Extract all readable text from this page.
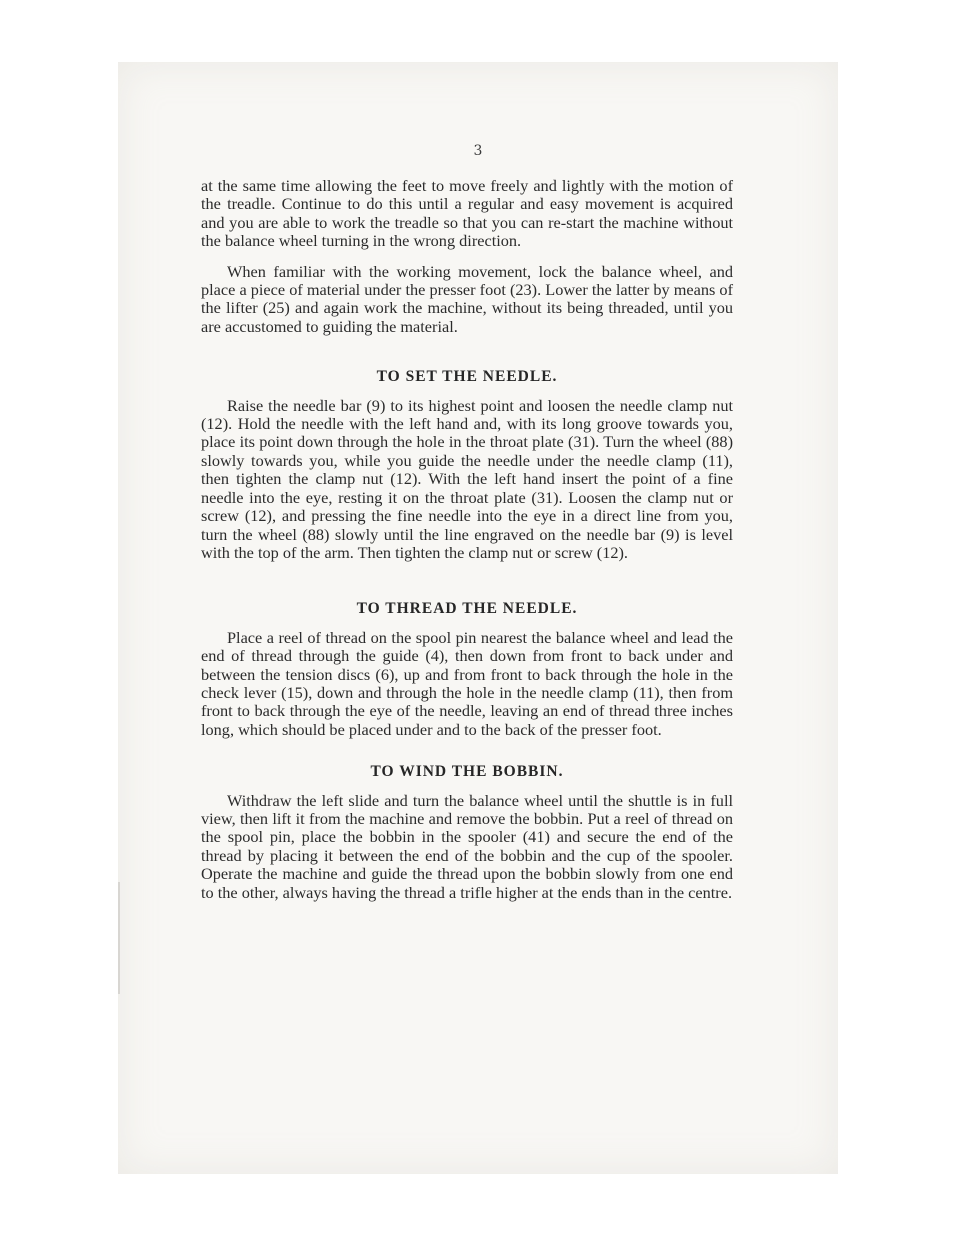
3

at the same time allowing the feet to move freely and lightly with the motion of the treadle. Continue to do this until a regular and easy movement is acquired and you are able to work the treadle so that you can re-start the machine without the balance wheel turning in the wrong direction.

When familiar with the working movement, lock the balance wheel, and place a piece of material under the presser foot (23). Lower the latter by means of the lifter (25) and again work the machine, without its being threaded, until you are accustomed to guiding the material.

TO SET THE NEEDLE.

Raise the needle bar (9) to its highest point and loosen the needle clamp nut (12). Hold the needle with the left hand and, with its long groove towards you, place its point down through the hole in the throat plate (31). Turn the wheel (88) slowly towards you, while you guide the needle under the needle clamp (11), then tighten the clamp nut (12). With the left hand insert the point of a fine needle into the eye, resting it on the throat plate (31). Loosen the clamp nut or screw (12), and pressing the fine needle into the eye in a direct line from you, turn the wheel (88) slowly until the line engraved on the needle bar (9) is level with the top of the arm. Then tighten the clamp nut or screw (12).

TO THREAD THE NEEDLE.

Place a reel of thread on the spool pin nearest the balance wheel and lead the end of thread through the guide (4), then down from front to back under and between the tension discs (6), up and from front to back through the hole in the check lever (15), down and through the hole in the needle clamp (11), then from front to back through the eye of the needle, leaving an end of thread three inches long, which should be placed under and to the back of the presser foot.

TO WIND THE BOBBIN.

Withdraw the left slide and turn the balance wheel until the shuttle is in full view, then lift it from the machine and remove the bobbin. Put a reel of thread on the spool pin, place the bobbin in the spooler (41) and secure the end of the thread by placing it between the end of the bobbin and the cup of the spooler. Operate the machine and guide the thread upon the bobbin slowly from one end to the other, always having the thread a trifle higher at the ends than in the centre.
